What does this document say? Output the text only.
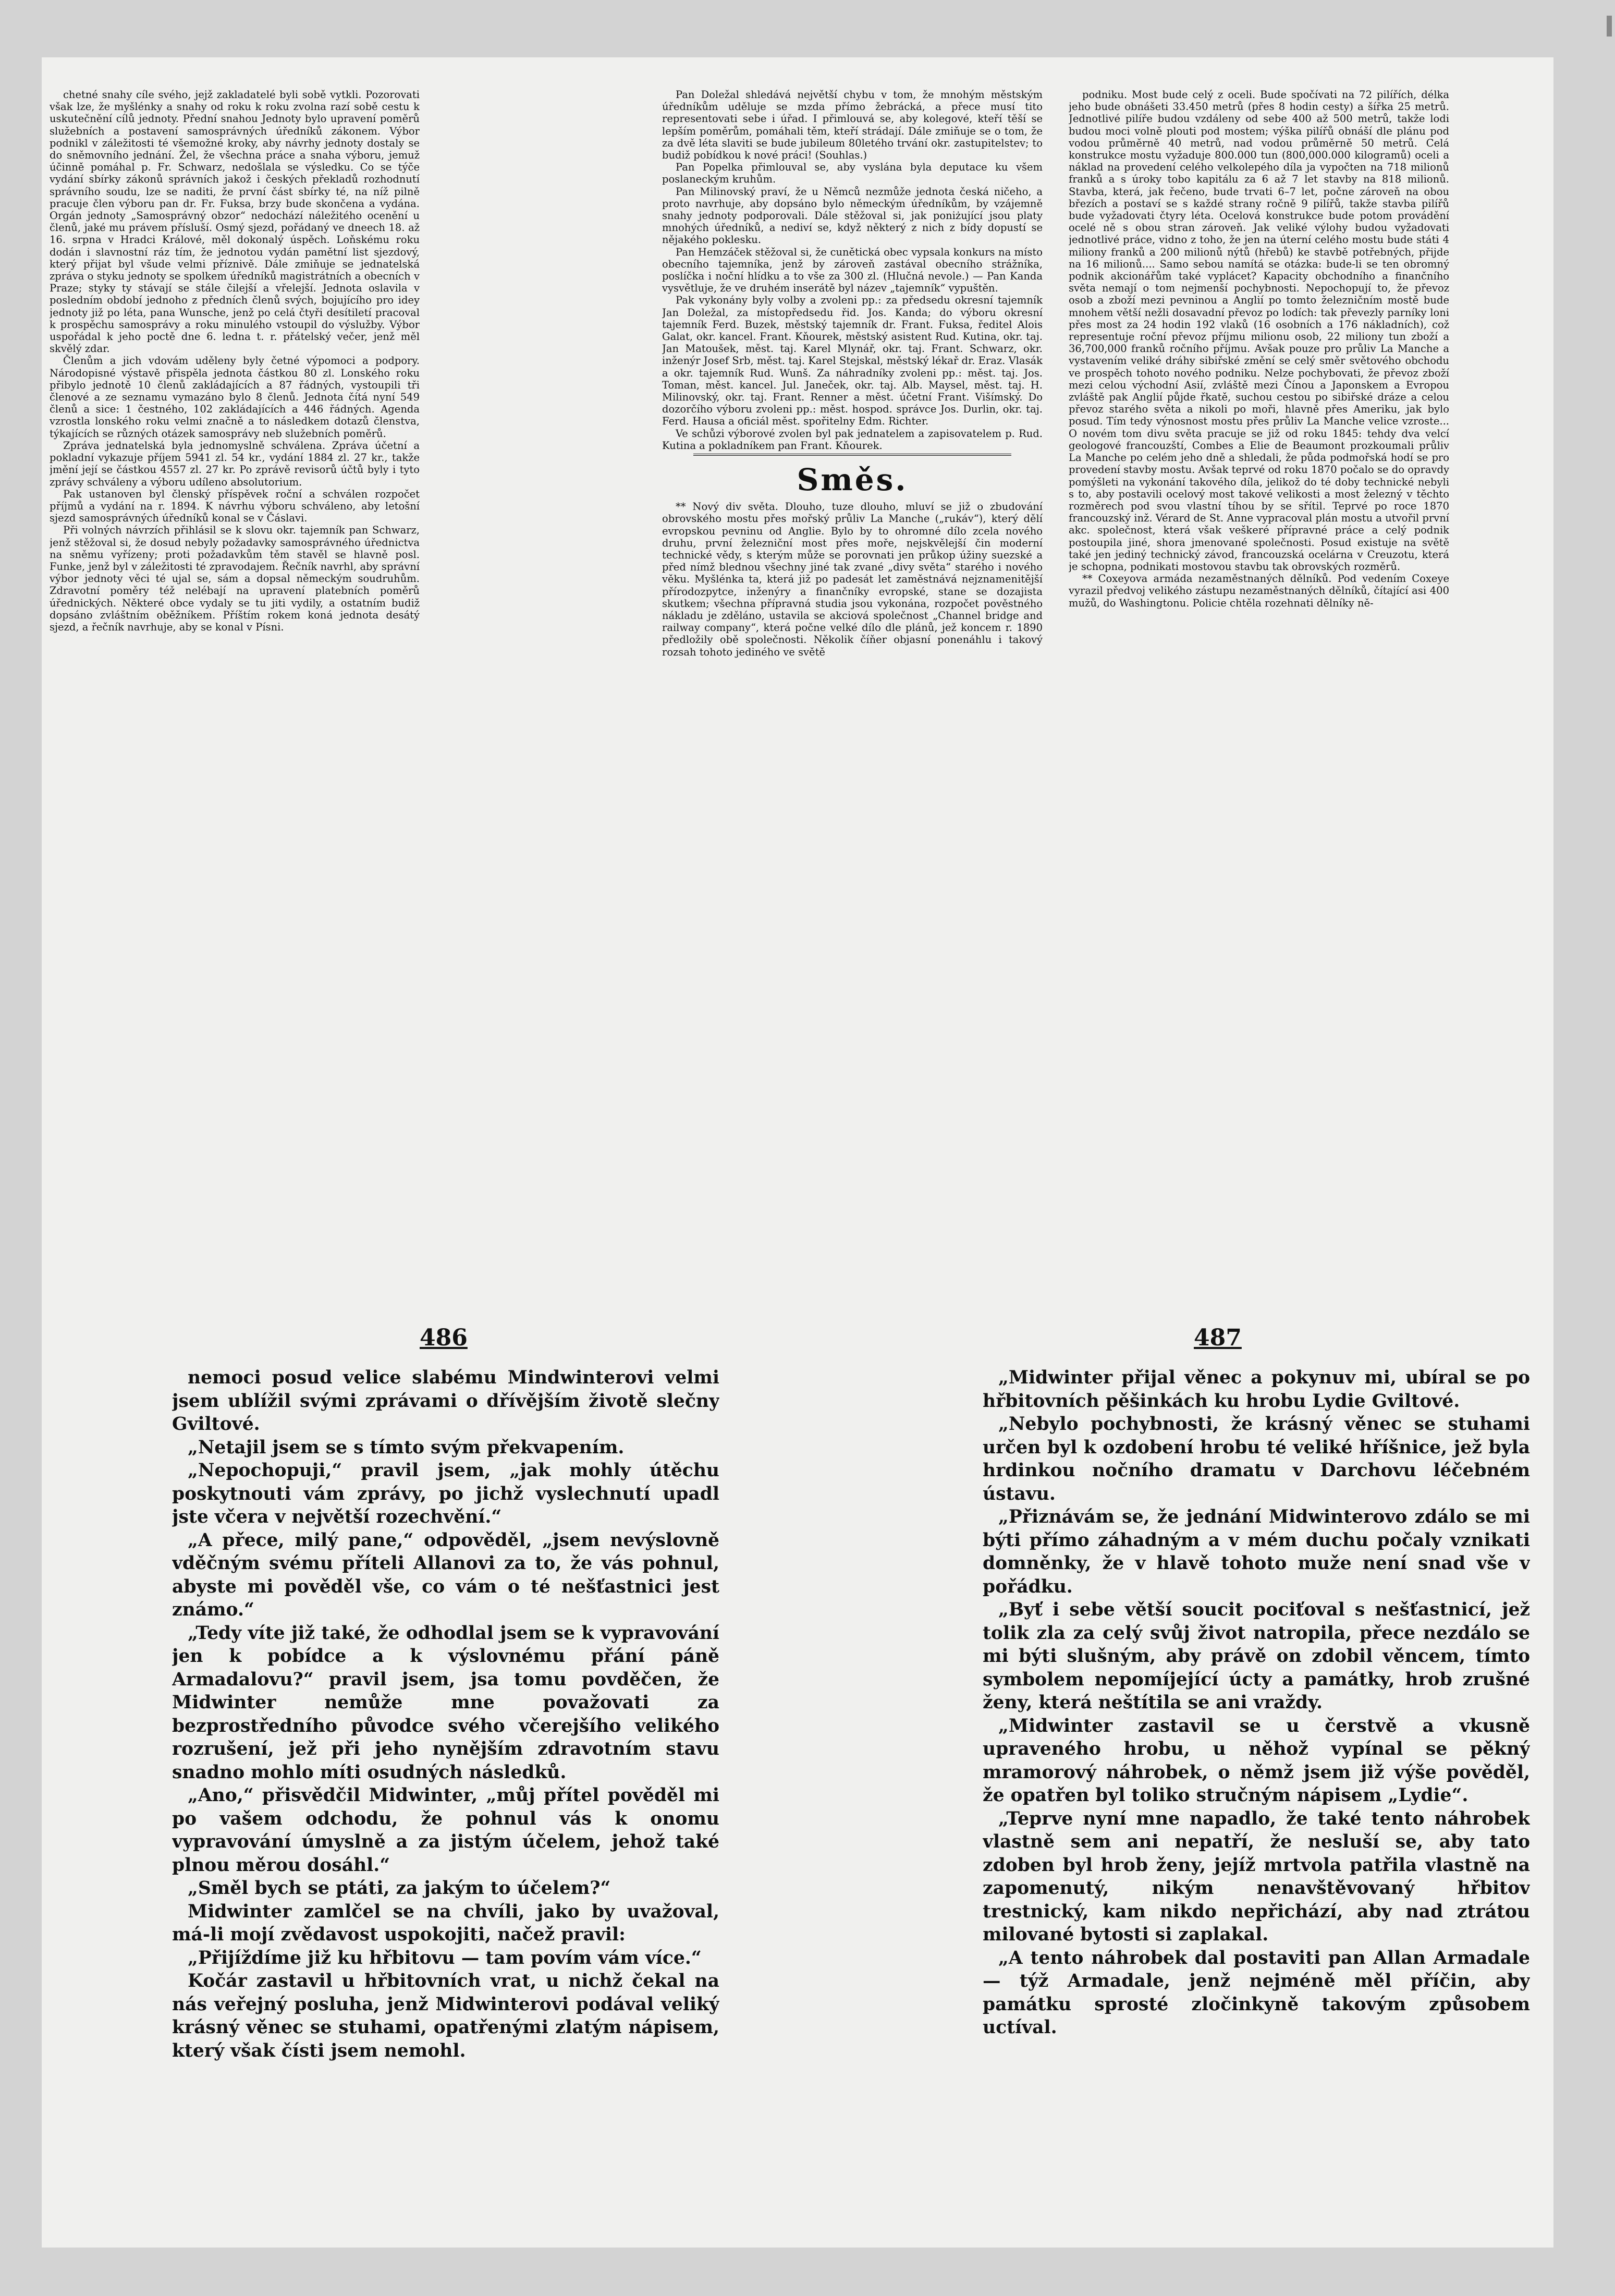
chetné snahy cíle svého, jejž zakladatelé byli sobě vytkli. Pozorovati však lze, že myšlénky a snahy od roku k roku zvolna razí sobě cestu k uskutečnění cílů jednoty. Přední snahou Jednoty bylo upravení poměrů služebních a postavení samosprávných úředníků zákonem. Výbor podnikl v záležitosti té všemožné kroky, aby návrhy jednoty dostaly se do sněmovního jednání. Žel, že všechna práce a snaha výboru, jemuž účinně pomáhal p. Fr. Schwarz, nedošlala se výsledku. Co se týče vydání sbírky zákonů správních jakož i českých překladů rozhodnutí správního soudu, lze se naditi, že první část sbírky té, na níž pilně pracuje člen výboru pan dr. Fr. Fuksa, brzy bude skončena a vydána. Orgán jednoty „Samosprávný obzor“ nedochází náležitého ocenění u členů, jaké mu právem přísluší. Osmý sjezd, pořádaný ve dneech 18. až 16. srpna v Hradci Králové, měl dokonalý úspěch. Loňskému roku dodán i slavnostní ráz tím, že jednotou vydán pamětní list sjezdový, který přijat byl všude velmi příznivě. Dále zmiňuje se jednatelská zpráva o styku jednoty se spolkem úředníků magistrátních a obecních v Praze; styky ty stávají se stále čilejší a vřelejší. Jednota oslavila v posledním období jednoho z předních členů svých, bojujícího pro idey jednoty již po léta, pana Wunsche, jenž po celá čtyři desítiletí pracoval k prospěchu samosprávy a roku minulého vstoupil do výslužby. Výbor uspořádal k jeho poctě dne 6. ledna t. r. přátelský večer, jenž měl skvělý zdar.

Členům a jich vdovám uděleny byly četné výpomoci a podpory. Národopisné výstavě přispěla jednota částkou 80 zl. Lonského roku přibylo jednotě 10 členů zakládajících a 87 řádných, vystoupili tři členové a ze seznamu vymazáno bylo 8 členů. Jednota čítá nyní 549 členů a sice: 1 čestného, 102 zakládajících a 446 řádných. Agenda vzrostla lonského roku velmi značně a to následkem dotazů členstva, týkajících se různých otázek samosprávy neb služebních poměrů.

Zpráva jednatelská byla jednomyslně schválena. Zpráva účetní a pokladní vykazuje příjem 5941 zl. 54 kr., vydání 1884 zl. 27 kr., takže jmění její se částkou 4557 zl. 27 kr. Po zprávě revisorů účtů byly i tyto zprávy schváleny a výboru udíleno absolutorium.

Pak ustanoven byl členský příspěvek roční a schválen rozpočet příjmů a vydání na r. 1894. K návrhu výboru schváleno, aby letošní sjezd samosprávných úředníků konal se v Čáslavi.

Při volných návrzích přihlásil se k slovu okr. tajemník pan Schwarz, jenž stěžoval si, že dosud nebyly požadavky samosprávného úřednictva na sněmu vyřízeny; proti požadavkům těm stavěl se hlavně posl. Funke, jenž byl v záležitosti té zpravodajem. Řečník navrhl, aby správní výbor jednoty věci té ujal se, sám a dopsal německým soudruhům. Zdravotní poměry též nelébají na upravení platebních poměrů úřednických. Některé obce vydaly se tu jiti vydily, a ostatním budiž dopsáno zvláštním oběžníkem. Příštím rokem koná jednota desátý sjezd, a řečník navrhuje, aby se konal v Písni.

Pan Doležal shledává největší chybu v tom, že mnohým městským úředníkům uděluje se mzda přímo žebrácká, a přece musí tito representovati sebe i úřad. I přimlouvá se, aby kolegové, kteří těší se lepším poměrům, pomáhali těm, kteří strádají. Dále zmiňuje se o tom, že za dvě léta slaviti se bude jubileum 80letého trvání okr. zastupitelstev; to budiž pobídkou k nové práci! (Souhlas.)

Pan Popelka přimlouval se, aby vyslána byla deputace ku všem poslaneckým kruhům.

Pan Milinovský praví, že u Němců nezmůže jednota česká ničeho, a proto navrhuje, aby dopsáno bylo německým úředníkům, by vzájemně snahy jednoty podporovali. Dále stěžoval si, jak poniżující jsou platy mnohých úředníků, a nediví se, když některý z nich z bídy dopustí se nějakého poklesku.

Pan Hemzáček stěžoval si, že cunětická obec vypsala konkurs na místo obecního tajemníka, jenž by zároveň zastával obecního strážníka, poslíčka i noční hlídku a to vše za 300 zl. (Hlučná nevole.) — Pan Kanda vysvětluje, že ve druhém inserátě byl název „tajemník“ vypuštěn.

Pak vykonány byly volby a zvoleni pp.: za předsedu okresní tajemník Jan Doležal, za místopředsedu řid. Jos. Kanda; do výboru okresní tajemník Ferd. Buzek, městský tajemník dr. Frant. Fuksa, ředitel Alois Galat, okr. kancel. Frant. Kňourek, městský asistent Rud. Kutina, okr. taj. Jan Matoušek, měst. taj. Karel Mlynář, okr. taj. Frant. Schwarz, okr. inženýr Josef Srb, měst. taj. Karel Stejskal, městský lékař dr. Eraz. Vlasák a okr. tajemník Rud. Wunš. Za náhradníky zvoleni pp.: měst. taj. Jos. Toman, měst. kancel. Jul. Janeček, okr. taj. Alb. Maysel, měst. taj. H. Milinovský, okr. taj. Frant. Renner a měst. účetní Frant. Višímský. Do dozorčího výboru zvoleni pp.: měst. hospod. správce Jos. Durlin, okr. taj. Ferd. Hausa a oficiál měst. spořitelny Edm. Richter.

Ve schůzi výborové zvolen byl pak jednatelem a zapisovatelem p. Rud. Kutina a pokladníkem pan Frant. Kňourek.

Směs.

** Nový div světa. Dlouho, tuze dlouho, mluví se již o zbudování obrovského mostu přes mořský průliv La Manche („rukáv“), který dělí evropskou pevninu od Anglie. Bylo by to ohromné dílo zcela nového druhu, první železniční most přes moře, nejskvělejší čin moderní technické vědy, s kterým může se porovnati jen průkop úžiny suezské a před nímž blednou všechny jiné tak zvané „divy světa“ starého i nového věku. Myšlénka ta, která již po padesát let zaměstnává nejznamenitější přírodozpytce, inženýry a finančníky evropské, stane se dozajista skutkem; všechna přípravná studia jsou vykonána, rozpočet pověstného nákladu je zděláno, ustavila se akciová společnost „Channel bridge and railway company“, která počne velké dílo dle plánů, jež koncem r. 1890 předložily obě společnosti. Několik číňer objasní ponenáhlu i takový rozsah tohoto jediného ve světě

podniku. Most bude celý z oceli. Bude spočívati na 72 pilířích, délka jeho bude obnášeti 33.450 metrů (přes 8 hodin cesty) a šířka 25 metrů. Jednotlivé pilíře budou vzdáleny od sebe 400 až 500 metrů, takže lodi budou moci volně plouti pod mostem; výška pilířů obnáší dle plánu pod vodou průměrně 40 metrů, nad vodou průměrně 50 metrů. Celá konstrukce mostu vyžaduje 800.000 tun (800,000.000 kilogramů) oceli a náklad na provedení celého velkolepého díla ja vypočten na 718 milionů franků a s úroky tobo kapitálu za 6 až 7 let stavby na 818 milionů. Stavba, která, jak řečeno, bude trvati 6–7 let, počne zároveň na obou březích a postaví se s každé strany ročně 9 pilířů, takže stavba pilířů bude vyžadovati čtyry léta. Ocelová konstrukce bude potom provádění ocelé ně s obou stran zároveň. Jak veliké výlohy budou vyžadovati jednotlivé práce, vidno z toho, že jen na úterní celého mostu bude státi 4 miliony franků a 200 milionů nýtů (hřebů) ke stavbě potřebných, přijde na 16 milionů.... Samo sebou namítá se otázka: bude-li se ten obromný podnik akcionářům také vyplácet? Kapacity obchodního a finančního světa nemají o tom nejmenší pochybnosti. Nepochopují to, že převoz osob a zboží mezi pevninou a Anglií po tomto železničním mostě bude mnohem větší nežli dosavadní převoz po lodích: tak převezly parníky loni přes most za 24 hodin 192 vlaků (16 osobních a 176 nákladních), což representuje roční převoz příjmu milionu osob, 22 miliony tun zboží a 36,700,000 franků ročního příjmu. Avšak pouze pro průliv La Manche a vystavením veliké dráhy sibiřské změní se celý směr světového obchodu ve prospěch tohoto nového podniku. Nelze pochybovati, že převoz zboží mezi celou východní Asií, zvláště mezi Čínou a Japonskem a Evropou zvláště pak Anglií půjde řkatě, suchou cestou po sibiřské dráze a celou převoz starého světa a nikoli po moři, hlavně přes Ameriku, jak bylo posud. Tím tedy výnosnost mostu přes průliv La Manche velice vzroste... O novém tom divu světa pracuje se již od roku 1845: tehdy dva velcí geologové francouzští, Combes a Elie de Beaumont prozkoumali průliv La Manche po celém jeho dně a shledali, že půda podmořská hodí se pro provedení stavby mostu. Avšak teprvé od roku 1870 počalo se do opravdy pomýšleti na vykonání takového díla, jelikož do té doby technické nebyli s to, aby postavili ocelový most takové velikosti a most železný v těchto rozměrech pod svou vlastní tíhou by se sřítil. Teprvé po roce 1870 francouzský inž. Vérard de St. Anne vypracoval plán mostu a utvořil první akc. společnost, která však veškeré přípravné práce a celý podnik postoupila jiné, shora jmenované společnosti. Posud existuje na světě také jen jediný technický závod, francouzská ocelárna v Creuzotu, která je schopna, podnikati mostovou stavbu tak obrovských rozměrů.

** Coxeyova armáda nezaměstnaných dělníků. Pod vedením Coxeye vyrazil předvoj velikého zástupu nezaměstnaných dělníků, čítající asi 400 mužů, do Washingtonu. Policie chtěla rozehnati dělníky ně-

486	487

nemoci posud velice slabému Mindwinterovi velmi jsem ublížil svými zprávami o dřívějším životě slečny Gviltové.

„Netajil jsem se s tímto svým překvapením.

„Nepochopuji,“ pravil jsem, „jak mohly útěchu poskytnouti vám zprávy, po jichž vyslechnutí upadl jste včera v největší rozechvění.“

„A přece, milý pane,“ odpověděl, „jsem nevýslovně vděčným svému příteli Allanovi za to, že vás pohnul, abyste mi pověděl vše, co vám o té nešťastnici jest známo.“

„Tedy víte již také, že odhodlal jsem se k vypravování jen k pobídce a k výslovnému přání páně Armadalovu?“ pravil jsem, jsa tomu povděčen, že Midwinter nemůže mne považovati za bezprostředního původce svého včerejšího velikého rozrušení, jež při jeho nynějším zdravotním stavu snadno mohlo míti osudných následků.

„Ano,“ přisvědčil Midwinter, „můj přítel pověděl mi po vašem odchodu, že pohnul vás k onomu vypravování úmyslně a za jistým účelem, jehož také plnou měrou dosáhl.“

„Směl bych se ptáti, za jakým to účelem?“

Midwinter zamlčel se na chvíli, jako by uvažoval, má-li mojí zvědavost uspokojiti, načež pravil:

„Přijíždíme již ku hřbitovu — tam povím vám více.“

Kočár zastavil u hřbitovních vrat, u nichž čekal na nás veřejný posluha, jenž Midwinterovi podával veliký krásný věnec se stuhami, opatřenými zlatým nápisem, který však čísti jsem nemohl.

„Midwinter přijal věnec a pokynuv mi, ubíral se po hřbitovních pěšinkách ku hrobu Lydie Gviltové.

„Nebylo pochybnosti, že krásný věnec se stuhami určen byl k ozdobení hrobu té veliké hříšnice, jež byla hrdinkou nočního dramatu v Darchovu léčebném ústavu.

„Přiznávám se, že jednání Midwinterovo zdálo se mi býti přímo záhadným a v mém duchu počaly vznikati domněnky, že v hlavě tohoto muže není snad vše v pořádku.

„Byť i sebe větší soucit pociťoval s nešťastnicí, jež tolik zla za celý svůj život natropila, přece nezdálo se mi býti slušným, aby právě on zdobil věncem, tímto symbolem nepomíjející úcty a památky, hrob zrušné ženy, která neštítila se ani vraždy.

„Midwinter zastavil se u čerstvě a vkusně upraveného hrobu, u něhož vypínal se pěkný mramorový náhrobek, o němž jsem již výše pověděl, že opatřen byl toliko stručným nápisem „Lydie“.

„Teprve nyní mne napadlo, že také tento náhrobek vlastně sem ani nepatří, že nesluší se, aby tato zdoben byl hrob ženy, jejíž mrtvola patřila vlastně na zapomenutý, nikým nenavštěvovaný hřbitov trestnický, kam nikdo nepřichází, aby nad ztrátou milované bytosti si zaplakal.

„A tento náhrobek dal postaviti pan Allan Armadale — týž Armadale, jenž nejméně měl příčin, aby památku sprosté zločinkyně takovým způsobem uctíval.
